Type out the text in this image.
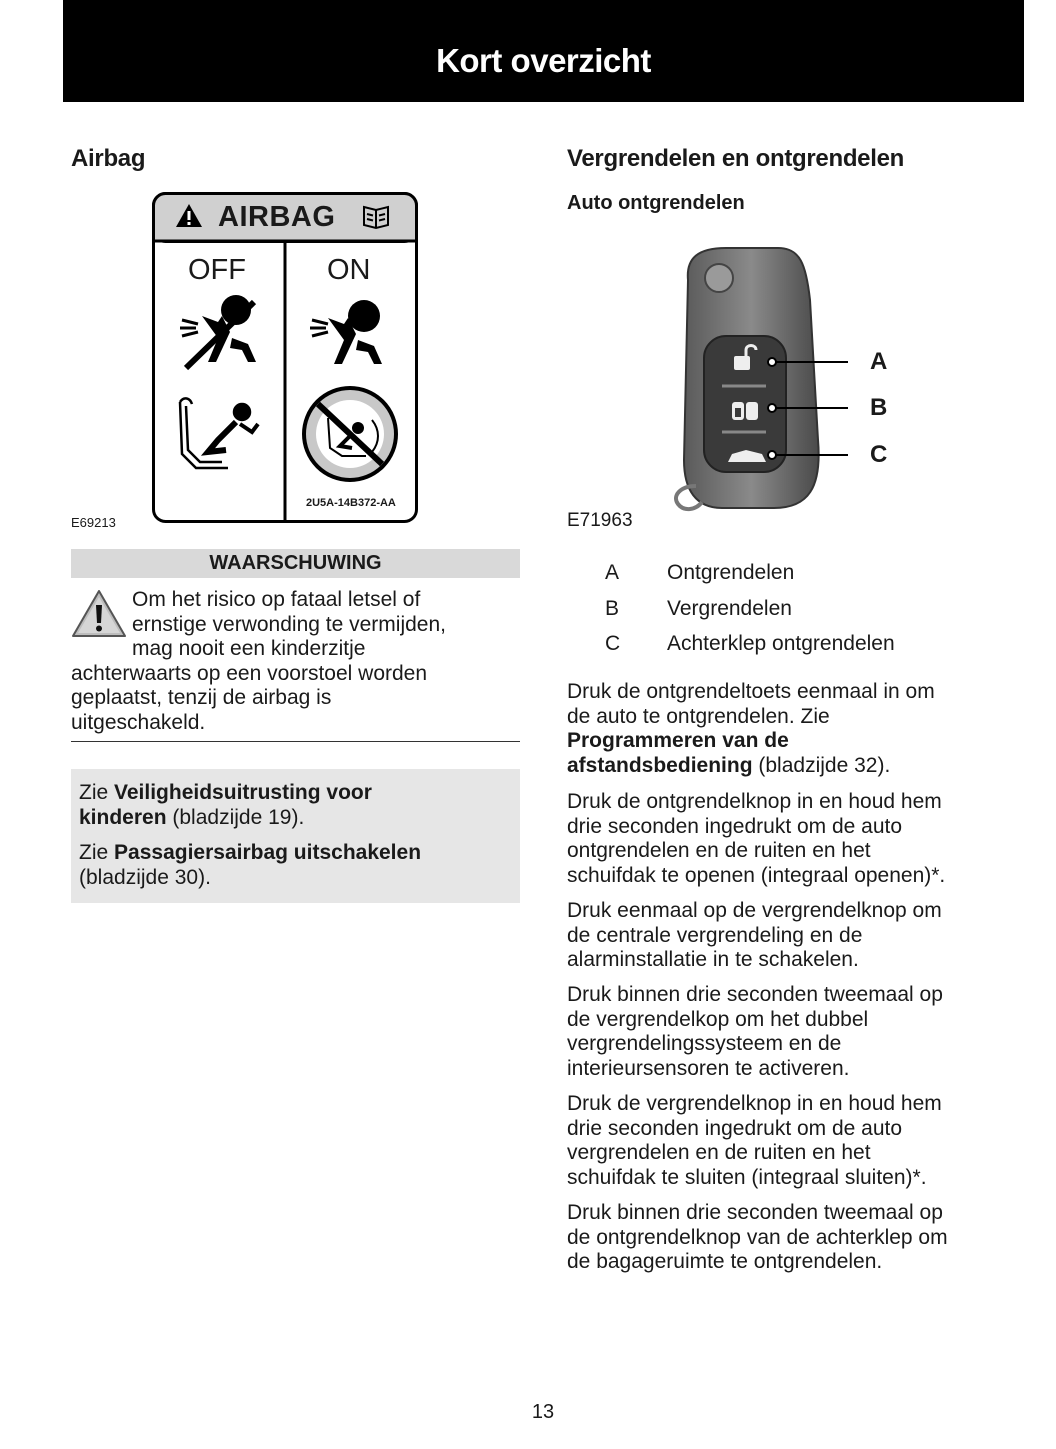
Kort overzicht
Airbag
AIRBAG
OFF	ON
2U5A-14B372-AA
E69213
WAARSCHUWING
Om het risico op fataal letsel of
ernstige verwonding te vermijden,
mag nooit een kinderzitje
achterwaarts op een voorstoel worden
geplaatst, tenzij de airbag is
uitgeschakeld.

Zie Veiligheidsuitrusting voor
kinderen (bladzijde 19).

Zie Passagiersairbag uitschakelen
(bladzijde 30).

Vergrendelen en ontgrendelen
Auto ontgrendelen
A
B
C
E71963
A Ontgrendelen
B Vergrendelen
C Achterklep ontgrendelen

Druk de ontgrendeltoets eenmaal in om
de auto te ontgrendelen. Zie
Programmeren van de
afstandsbediening (bladzijde 32).

Druk de ontgrendelknop in en houd hem
drie seconden ingedrukt om de auto
ontgrendelen en de ruiten en het
schuifdak te openen (integraal openen)*.

Druk eenmaal op de vergrendelknop om
de centrale vergrendeling en de
alarminstallatie in te schakelen.

Druk binnen drie seconden tweemaal op
de vergrendelkop om het dubbel
vergrendelingssysteem en de
interieursensoren te activeren.

Druk de vergrendelknop in en houd hem
drie seconden ingedrukt om de auto
vergrendelen en de ruiten en het
schuifdak te sluiten (integraal sluiten)*.

Druk binnen drie seconden tweemaal op
de ontgrendelknop van de achterklep om
de bagageruimte te ontgrendelen.

13
